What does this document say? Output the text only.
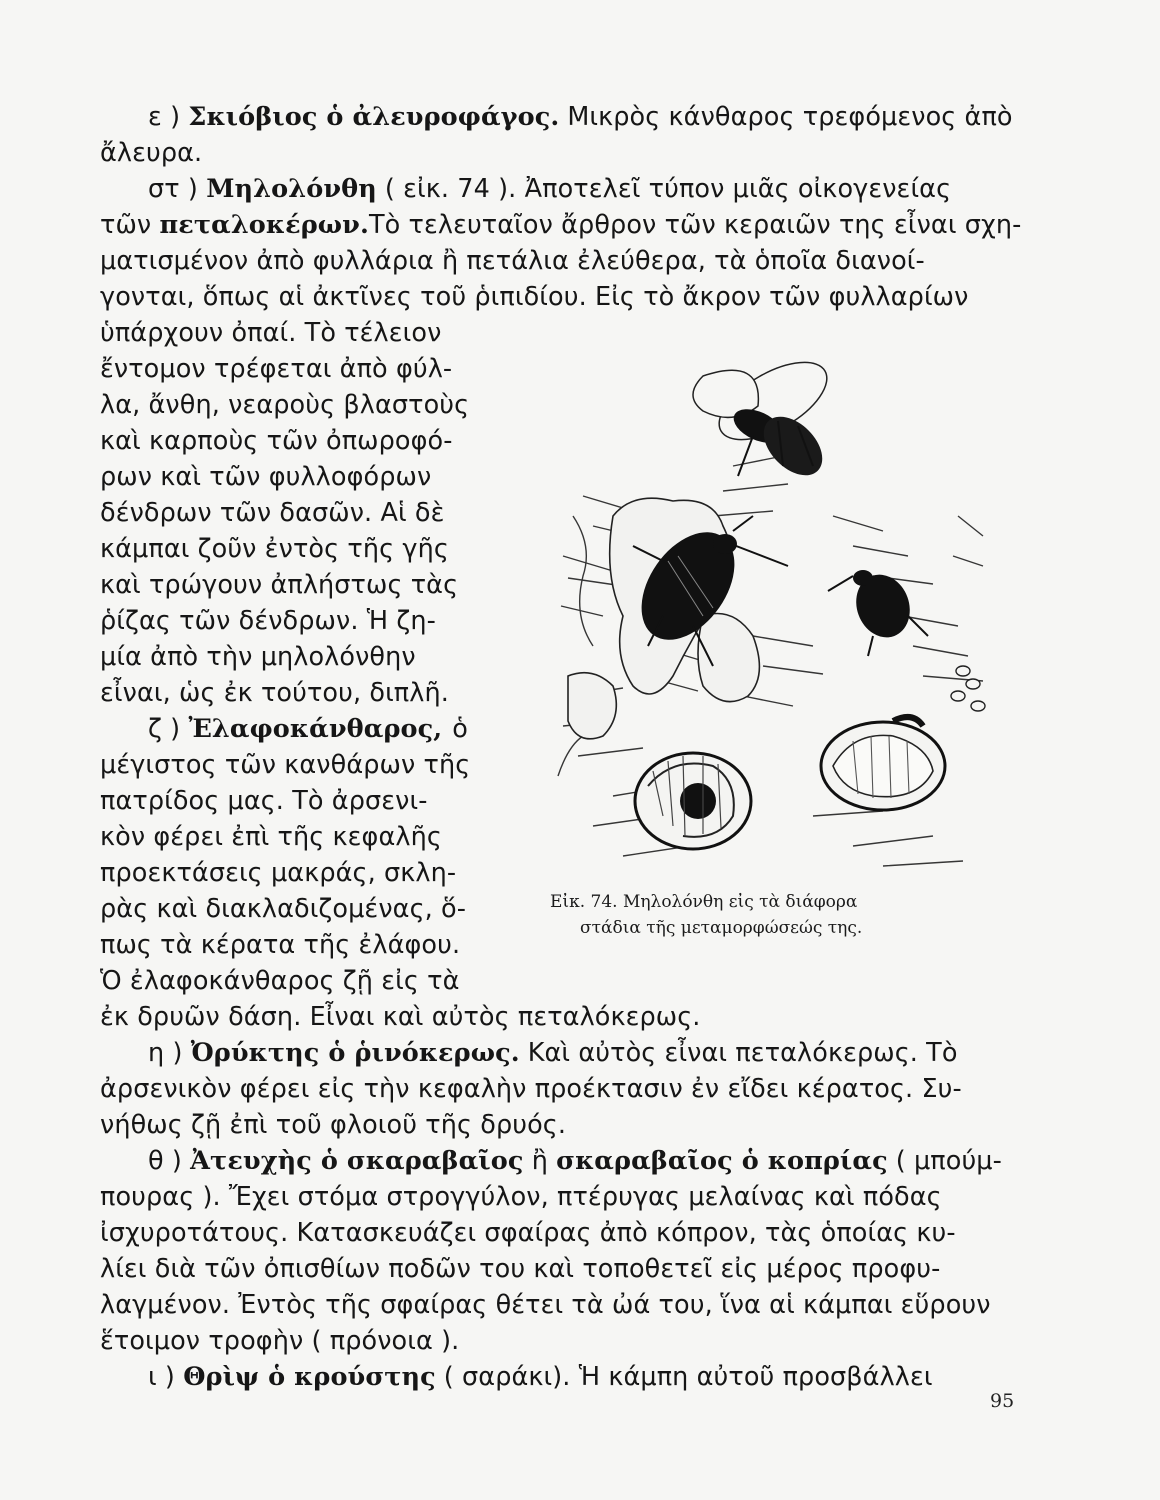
ε ) Σκιόβιος ὁ ἀλευροφάγος. Μικρὸς κάνθαρος τρεφόμενος ἀπὸ
ἄλευρα.
στ ) Μηλολόνθη ( εἰκ. 74 ). Ἀποτελεῖ τύπον μιᾶς οἰκογενείας
τῶν πεταλοκέρων. Τὸ τελευταῖον ἄρθρον τῶν κεραιῶν της εἶναι σχη-
ματισμένον ἀπὸ φυλλάρια ἢ πετάλια ἐλεύθερα, τὰ ὁποῖα διανοί-
γονται, ὅπως αἱ ἀκτῖνες τοῦ ῥιπιδίου. Εἰς τὸ ἄκρον τῶν φυλλαρίων
ὑπάρχουν ὀπαί. Τὸ τέλειον
ἔντομον τρέφεται ἀπὸ φύλ-
λα, ἄνθη, νεαροὺς βλαστοὺς
καὶ καρποὺς τῶν ὀπωροφό-
ρων καὶ τῶν φυλλοφόρων
δένδρων τῶν δασῶν. Αἱ δὲ
κάμπαι ζοῦν ἐντὸς τῆς γῆς
καὶ τρώγουν ἀπλήστως τὰς
ῥίζας τῶν δένδρων. Ἡ ζη-
μία ἀπὸ τὴν μηλολόνθην
εἶναι, ὡς ἐκ τούτου, διπλῆ.
ζ ) Ἐλαφοκάνθαρος, ὁ
μέγιστος τῶν κανθάρων τῆς
πατρίδος μας. Τὸ ἀρσενι-
κὸν φέρει ἐπὶ τῆς κεφαλῆς
προεκτάσεις μακράς, σκλη-
ρὰς καὶ διακλαδιζομένας, ὅ-
πως τὰ κέρατα τῆς ἐλάφου.
Ὁ ἐλαφοκάνθαρος ζῇ εἰς τὰ
ἐκ δρυῶν δάση. Εἶναι καὶ αὐτὸς πεταλόκερως.
η ) Ὀρύκτης ὁ ῥινόκερως. Καὶ αὐτὸς εἶναι πεταλόκερως. Τὸ
ἀρσενικὸν φέρει εἰς τὴν κεφαλὴν προέκτασιν ἐν εἴδει κέρατος. Συ-
νήθως ζῇ ἐπὶ τοῦ φλοιοῦ τῆς δρυός.
θ ) Ἀτευχὴς ὁ σκαραβαῖος ἢ σκαραβαῖος ὁ κοπρίας ( μπούμ-
πουρας ). Ἔχει στόμα στρογγύλον, πτέρυγας μελαίνας καὶ πόδας
ἰσχυροτάτους. Κατασκευάζει σφαίρας ἀπὸ κόπρον, τὰς ὁποίας κυ-
λίει διὰ τῶν ὀπισθίων ποδῶν του καὶ τοποθετεῖ εἰς μέρος προφυ-
λαγμένον. Ἐντὸς τῆς σφαίρας θέτει τὰ ὠά του, ἵνα αἱ κάμπαι εὕρουν
ἕτοιμον τροφὴν ( πρόνοια ).
ι ) Θρὶψ ὁ κρούστης ( σαράκι). Ἡ κάμπη αὐτοῦ προσβάλλει
Εἰκ. 74. Μηλολόνθη εἰς τὰ διάφορα
στάδια τῆς μεταμορφώσεώς της.
95
